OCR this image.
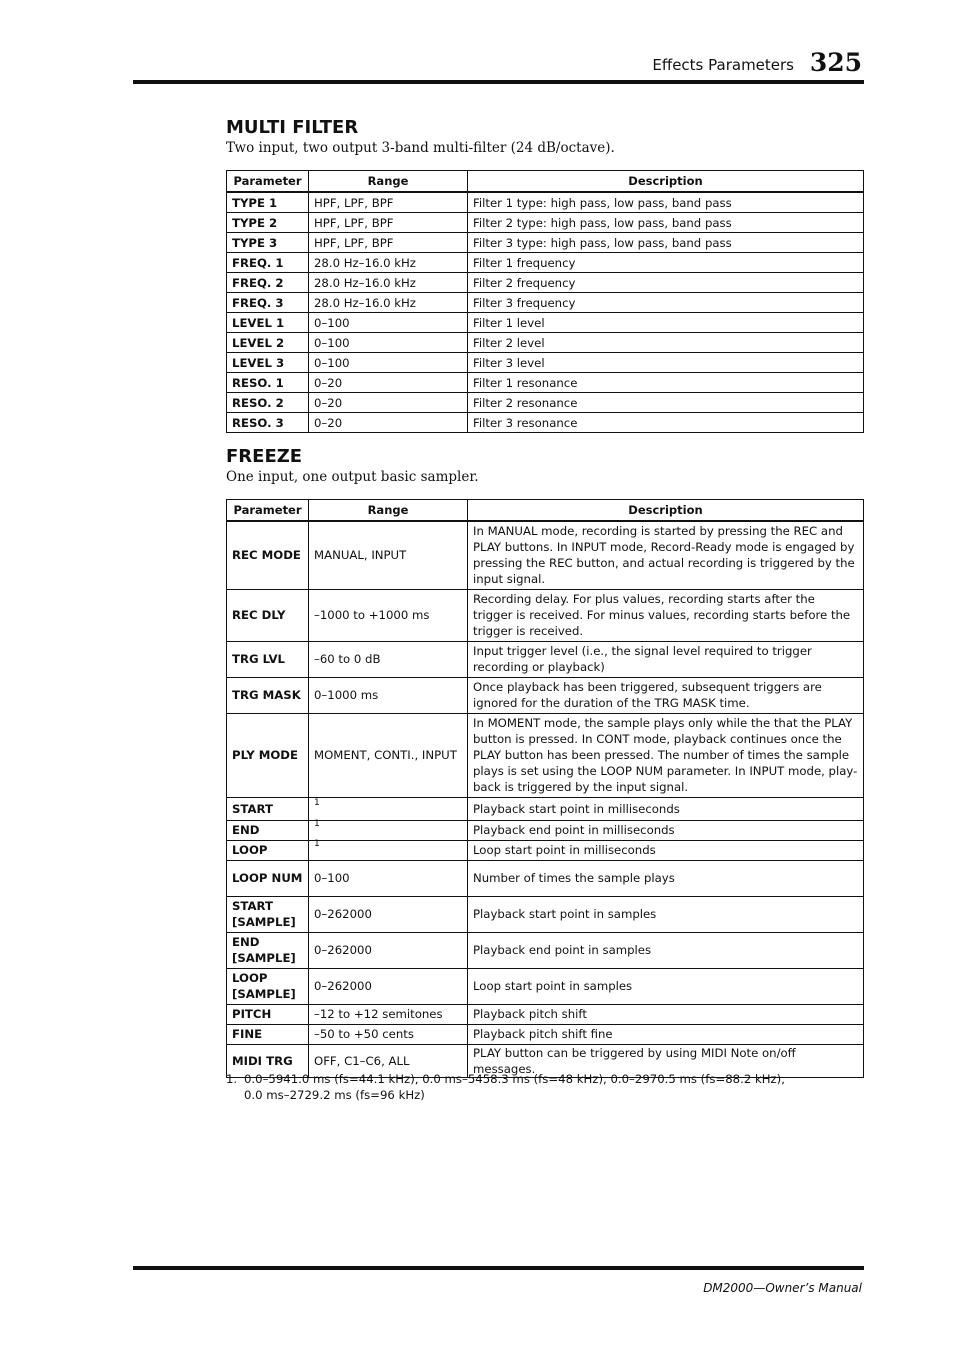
Effects Parameters 325
MULTI FILTER

Two input, two output 3-band multi-filter (24 dB/octave).

Parameter	Range	Description
TYPE 1	HPF, LPF, BPF	Filter 1 type: high pass, low pass, band pass
TYPE 2	HPF, LPF, BPF	Filter 2 type: high pass, low pass, band pass
TYPE 3	HPF, LPF, BPF	Filter 3 type: high pass, low pass, band pass
FREQ. 1	28.0 Hz–16.0 kHz	Filter 1 frequency
FREQ. 2	28.0 Hz–16.0 kHz	Filter 2 frequency
FREQ. 3	28.0 Hz–16.0 kHz	Filter 3 frequency
LEVEL 1	0–100	Filter 1 level
LEVEL 2	0–100	Filter 2 level
LEVEL 3	0–100	Filter 3 level
RESO. 1	0–20	Filter 1 resonance
RESO. 2	0–20	Filter 2 resonance
RESO. 3	0–20	Filter 3 resonance
FREEZE

One input, one output basic sampler.

Parameter	Range	Description
REC MODE	MANUAL, INPUT	In MANUAL mode, recording is started by pressing the REC and PLAY buttons. In INPUT mode, Record-Ready mode is engaged by pressing the REC button, and actual recording is triggered by the input signal.
REC DLY	–1000 to +1000 ms	Recording delay. For plus values, recording starts after the trigger is received. For minus values, recording starts before the trigger is received.
TRG LVL	–60 to 0 dB	Input trigger level (i.e., the signal level required to trigger recording or playback)
TRG MASK	0–1000 ms	Once playback has been triggered, subsequent triggers are ignored for the duration of the TRG MASK time.
PLY MODE	MOMENT, CONTI., INPUT	In MOMENT mode, the sample plays only while the that the PLAY button is pressed. In CONT mode, playback continues once the PLAY button has been pressed. The number of times the sample plays is set using the LOOP NUM parameter. In INPUT mode, play-back is triggered by the input signal.
START	1	Playback start point in milliseconds
END	1	Playback end point in milliseconds
LOOP	1	Loop start point in milliseconds
LOOP NUM	0–100	Number of times the sample plays
START [SAMPLE]	0–262000	Playback start point in samples
END [SAMPLE]	0–262000	Playback end point in samples
LOOP [SAMPLE]	0–262000	Loop start point in samples
PITCH	–12 to +12 semitones	Playback pitch shift
FINE	–50 to +50 cents	Playback pitch shift fine
MIDI TRG	OFF, C1–C6, ALL	PLAY button can be triggered by using MIDI Note on/off messages.
1. 0.0–5941.0 ms (fs=44.1 kHz), 0.0 ms–5458.3 ms (fs=48 kHz), 0.0–2970.5 ms (fs=88.2 kHz),
0.0 ms–2729.2 ms (fs=96 kHz)
DM2000—Owner’s Manual
